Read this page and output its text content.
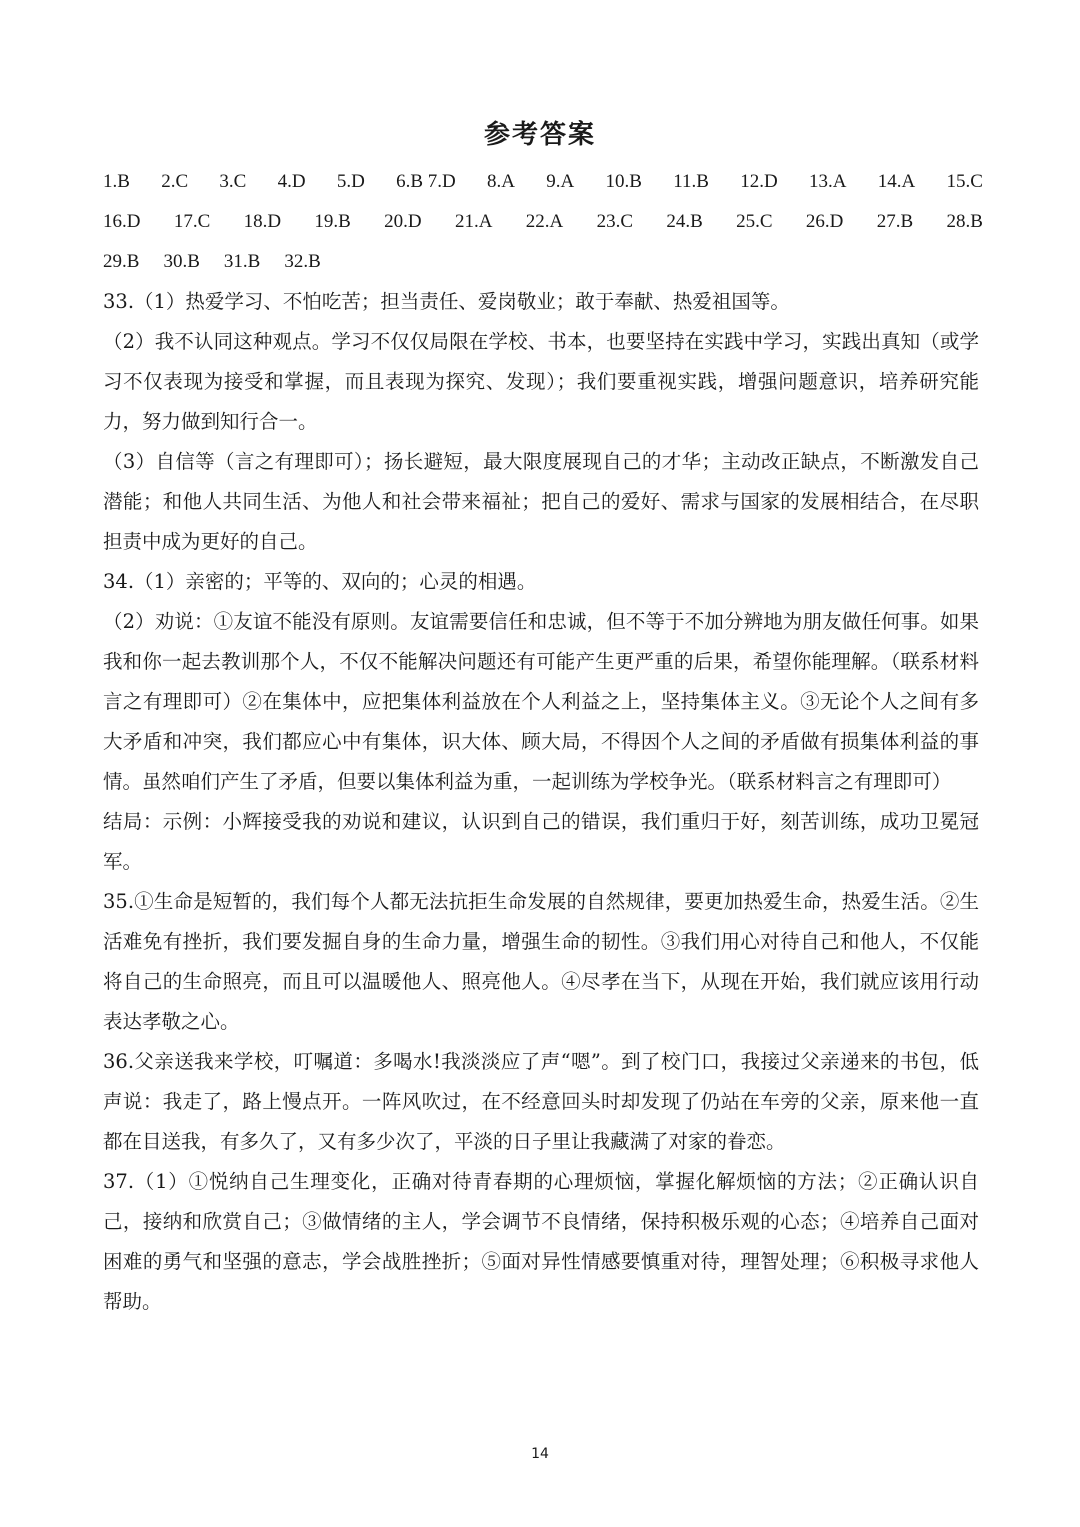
参考答案
1.B 2.C 3.C 4.D 5.D 6.B 7.D 8.A 9.A 10.B 11.B 12.D 13.A 14.A 15.C
16.D 17.C 18.D 19.B 20.D 21.A 22.A 23.C 24.B 25.C 26.D 27.B 28.B
29.B 30.B 31.B 32.B

33.（1）热爱学习、不怕吃苦；担当责任、爱岗敬业；敢于奉献、热爱祖国等。

（2）我不认同这种观点。学习不仅仅局限在学校、书本，也要坚持在实践中学习，实践出真知（或学习不仅表现为接受和掌握，而且表现为探究、发现）；我们要重视实践，增强问题意识，培养研究能力，努力做到知行合一。

（3）自信等（言之有理即可）；扬长避短，最大限度展现自己的才华；主动改正缺点，不断激发自己潜能；和他人共同生活、为他人和社会带来福祉；把自己的爱好、需求与国家的发展相结合，在尽职担责中成为更好的自己。

34.（1）亲密的；平等的、双向的；心灵的相遇。

（2）劝说：①友谊不能没有原则。友谊需要信任和忠诚，但不等于不加分辨地为朋友做任何事。如果我和你一起去教训那个人，不仅不能解决问题还有可能产生更严重的后果，希望你能理解。（联系材料言之有理即可）②在集体中，应把集体利益放在个人利益之上，坚持集体主义。③无论个人之间有多大矛盾和冲突，我们都应心中有集体，识大体、顾大局，不得因个人之间的矛盾做有损集体利益的事情。虽然咱们产生了矛盾，但要以集体利益为重，一起训练为学校争光。（联系材料言之有理即可）

结局：示例：小辉接受我的劝说和建议，认识到自己的错误，我们重归于好，刻苦训练，成功卫冕冠军。

35.①生命是短暂的，我们每个人都无法抗拒生命发展的自然规律，要更加热爱生命，热爱生活。②生活难免有挫折，我们要发掘自身的生命力量，增强生命的韧性。③我们用心对待自己和他人，不仅能将自己的生命照亮，而且可以温暖他人、照亮他人。④尽孝在当下，从现在开始，我们就应该用行动表达孝敬之心。

36.父亲送我来学校，叮嘱道：多喝水!我淡淡应了声“嗯”。到了校门口，我接过父亲递来的书包，低声说：我走了，路上慢点开。一阵风吹过，在不经意回头时却发现了仍站在车旁的父亲，原来他一直都在目送我，有多久了，又有多少次了，平淡的日子里让我藏满了对家的眷恋。

37.（1）①悦纳自己生理变化，正确对待青春期的心理烦恼，掌握化解烦恼的方法；②正确认识自己，接纳和欣赏自己；③做情绪的主人，学会调节不良情绪，保持积极乐观的心态；④培养自己面对困难的勇气和坚强的意志，学会战胜挫折；⑤面对异性情感要慎重对待，理智处理；⑥积极寻求他人帮助。

14
